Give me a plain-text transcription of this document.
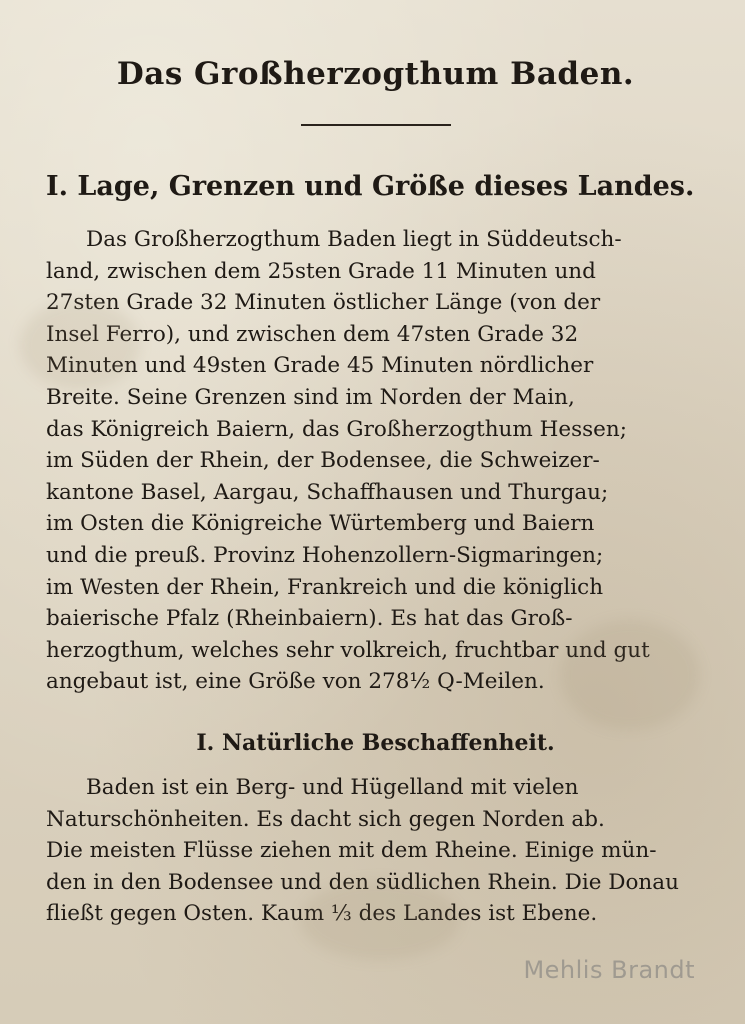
Das Großherzogthum Baden.
I. Lage, Grenzen und Größe dieses Landes.

Das Großherzogthum Baden liegt in Süddeutsch-
land, zwischen dem 25sten Grade 11 Minuten und
27sten Grade 32 Minuten östlicher Länge (von der
Insel Ferro), und zwischen dem 47sten Grade 32
Minuten und 49sten Grade 45 Minuten nördlicher
Breite. Seine Grenzen sind im Norden der Main,
das Königreich Baiern, das Großherzogthum Hessen;
im Süden der Rhein, der Bodensee, die Schweizer-
kantone Basel, Aargau, Schaffhausen und Thurgau;
im Osten die Königreiche Würtemberg und Baiern
und die preuß. Provinz Hohenzollern-Sigmaringen;
im Westen der Rhein, Frankreich und die königlich
baierische Pfalz (Rheinbaiern). Es hat das Groß-
herzogthum, welches sehr volkreich, fruchtbar und gut
angebaut ist, eine Größe von 278½ Q-Meilen.

I. Natürliche Beschaffenheit.

Baden ist ein Berg- und Hügelland mit vielen
Naturschönheiten. Es dacht sich gegen Norden ab.
Die meisten Flüsse ziehen mit dem Rheine. Einige mün-
den in den Bodensee und den südlichen Rhein. Die Donau
fließt gegen Osten. Kaum ⅓ des Landes ist Ebene.

Mehlis Brandt
